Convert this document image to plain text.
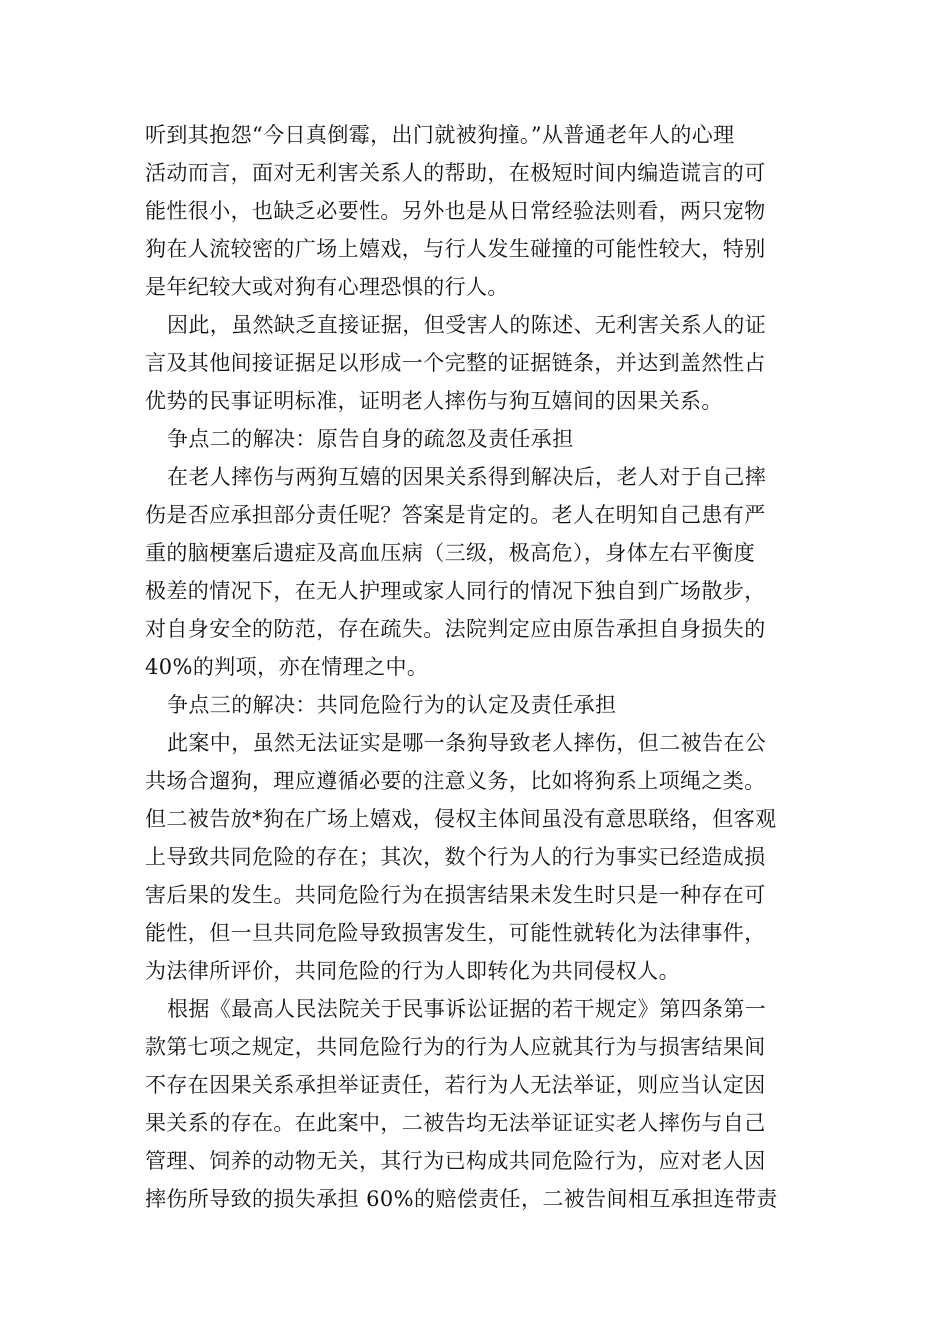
听到其抱怨“今日真倒霉，出门就被狗撞。”从普通老年人的心理
活动而言，面对无利害关系人的帮助，在极短时间内编造谎言的可
能性很小，也缺乏必要性。另外也是从日常经验法则看，两只宠物
狗在人流较密的广场上嬉戏，与行人发生碰撞的可能性较大，特别
是年纪较大或对狗有心理恐惧的行人。
因此，虽然缺乏直接证据，但受害人的陈述、无利害关系人的证
言及其他间接证据足以形成一个完整的证据链条，并达到盖然性占
优势的民事证明标准，证明老人摔伤与狗互嬉间的因果关系。
争点二的解决：原告自身的疏忽及责任承担
在老人摔伤与两狗互嬉的因果关系得到解决后，老人对于自己摔
伤是否应承担部分责任呢？答案是肯定的。老人在明知自己患有严
重的脑梗塞后遗症及高血压病（三级，极高危），身体左右平衡度
极差的情况下，在无人护理或家人同行的情况下独自到广场散步，
对自身安全的防范，存在疏失。法院判定应由原告承担自身损失的
40%的判项，亦在情理之中。
争点三的解决：共同危险行为的认定及责任承担
此案中，虽然无法证实是哪一条狗导致老人摔伤，但二被告在公
共场合遛狗，理应遵循必要的注意义务，比如将狗系上项绳之类。
但二被告放*狗在广场上嬉戏，侵权主体间虽没有意思联络，但客观
上导致共同危险的存在；其次，数个行为人的行为事实已经造成损
害后果的发生。共同危险行为在损害结果未发生时只是一种存在可
能性，但一旦共同危险导致损害发生，可能性就转化为法律事件，
为法律所评价，共同危险的行为人即转化为共同侵权人。
根据《最高人民法院关于民事诉讼证据的若干规定》第四条第一
款第七项之规定，共同危险行为的行为人应就其行为与损害结果间
不存在因果关系承担举证责任，若行为人无法举证，则应当认定因
果关系的存在。在此案中，二被告均无法举证证实老人摔伤与自己
管理、饲养的动物无关，其行为已构成共同危险行为，应对老人因
摔伤所导致的损失承担 60%的赔偿责任，二被告间相互承担连带责
